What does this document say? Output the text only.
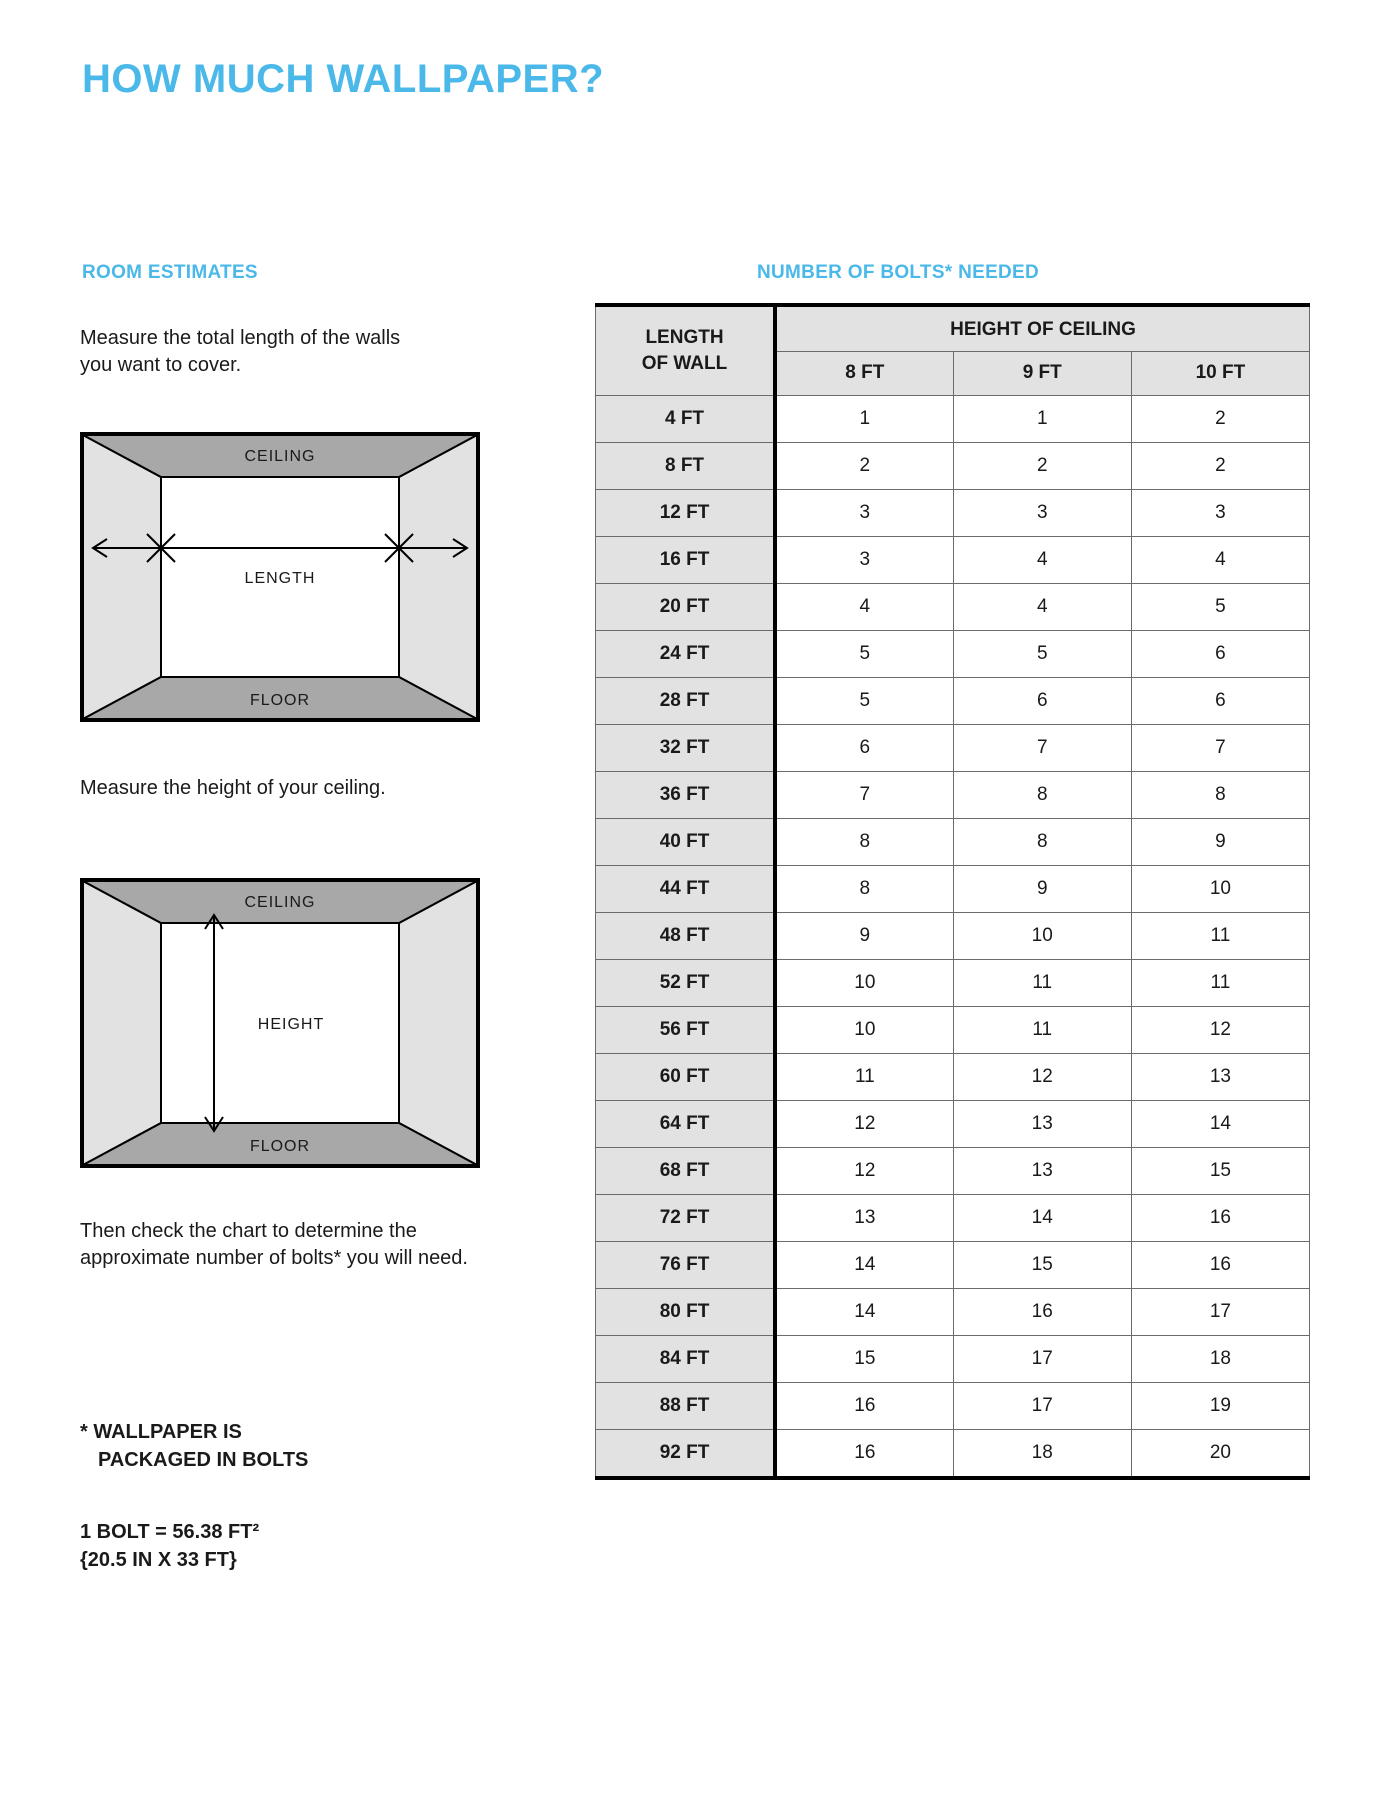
HOW MUCH WALLPAPER?
ROOM ESTIMATES	NUMBER OF BOLTS* NEEDED
Measure the total length of the walls you want to cover.
Measure the height of your ceiling.
Then check the chart to determine the approximate number of bolts* you will need.
* WALLPAPER IS

PACKAGED IN BOLTS
1 BOLT = 56.38 FT²
{20.5 IN X 33 FT}
CEILING
FLOOR
LENGTH
CEILING
FLOOR
HEIGHT
LENGTH
OF WALL	HEIGHT OF CEILING		
	8 FT	9 FT	10 FT
4 FT	1	1	2
8 FT	2	2	2
12 FT	3	3	3
16 FT	3	4	4
20 FT	4	4	5
24 FT	5	5	6
28 FT	5	6	6
32 FT	6	7	7
36 FT	7	8	8
40 FT	8	8	9
44 FT	8	9	10
48 FT	9	10	11
52 FT	10	11	11
56 FT	10	11	12
60 FT	11	12	13
64 FT	12	13	14
68 FT	12	13	15
72 FT	13	14	16
76 FT	14	15	16
80 FT	14	16	17
84 FT	15	17	18
88 FT	16	17	19
92 FT	16	18	20
